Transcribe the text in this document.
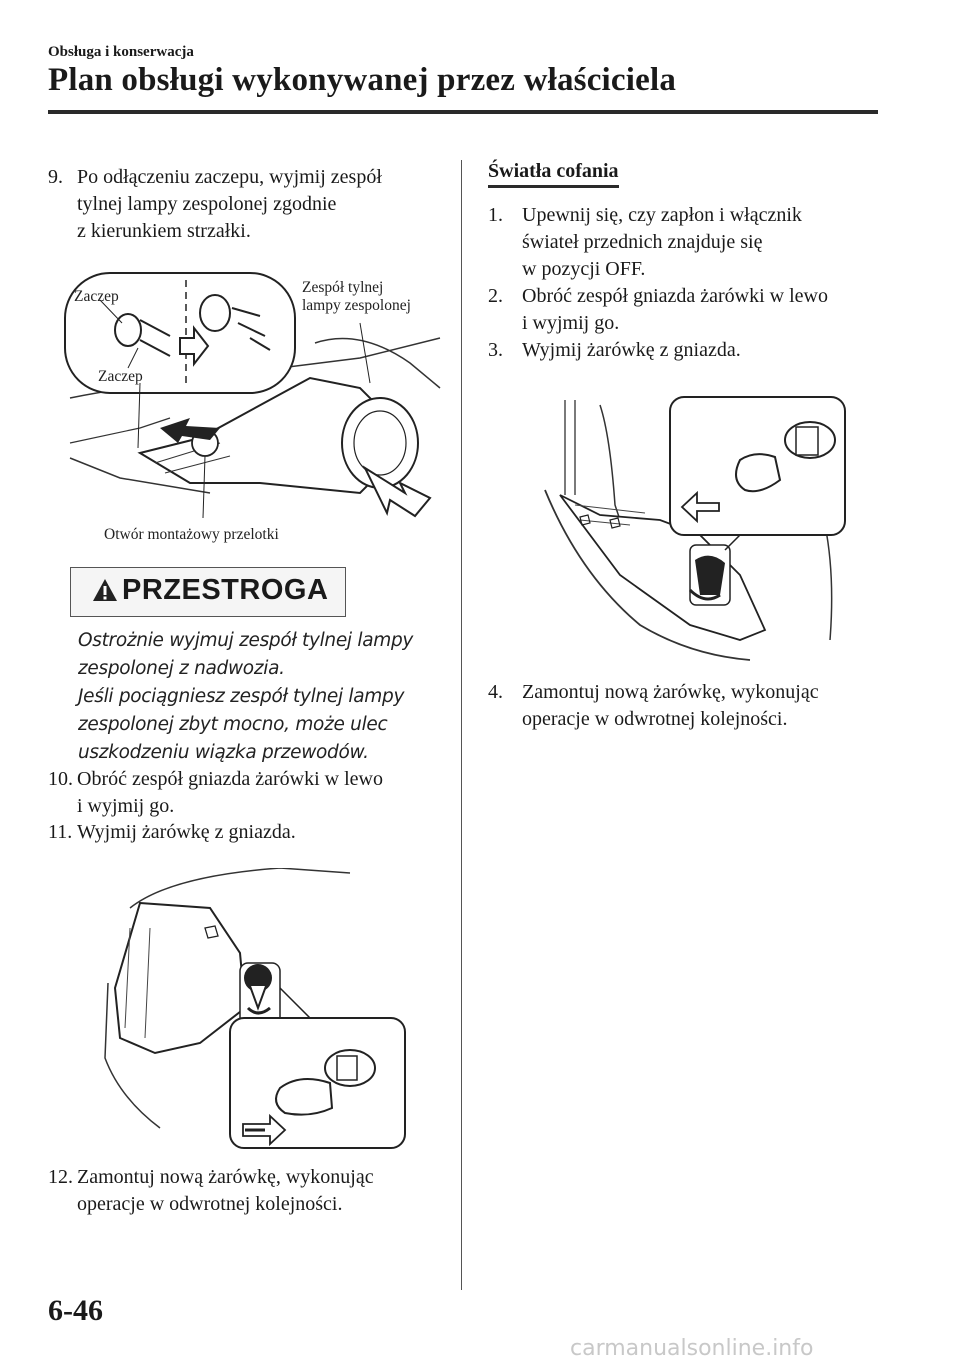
Obsługa i konserwacja
Plan obsługi wykonywanej przez właściciela
9. Po odłączeniu zaczepu, wyjmij zespół
tylnej lampy zespolonej zgodnie
z kierunkiem strzałki.
Zaczep
Zaczep
Zespół tylnej
lampy zespolonej
Otwór montażowy przelotki
PRZESTROGA
Ostrożnie wyjmuj zespół tylnej lampy
zespolonej z nadwozia.
Jeśli pociągniesz zespół tylnej lampy
zespolonej zbyt mocno, może ulec
uszkodzeniu wiązka przewodów.
10. Obróć zespół gniazda żarówki w lewo
i wyjmij go.
11. Wyjmij żarówkę z gniazda.
12. Zamontuj nową żarówkę, wykonując
operacje w odwrotnej kolejności.
Światła cofania
1. Upewnij się, czy zapłon i włącznik
świateł przednich znajduje się
w pozycji OFF.
2. Obróć zespół gniazda żarówki w lewo
i wyjmij go.
3. Wyjmij żarówkę z gniazda.
4. Zamontuj nową żarówkę, wykonując
operacje w odwrotnej kolejności.
6-46
carmanualsonline.info
